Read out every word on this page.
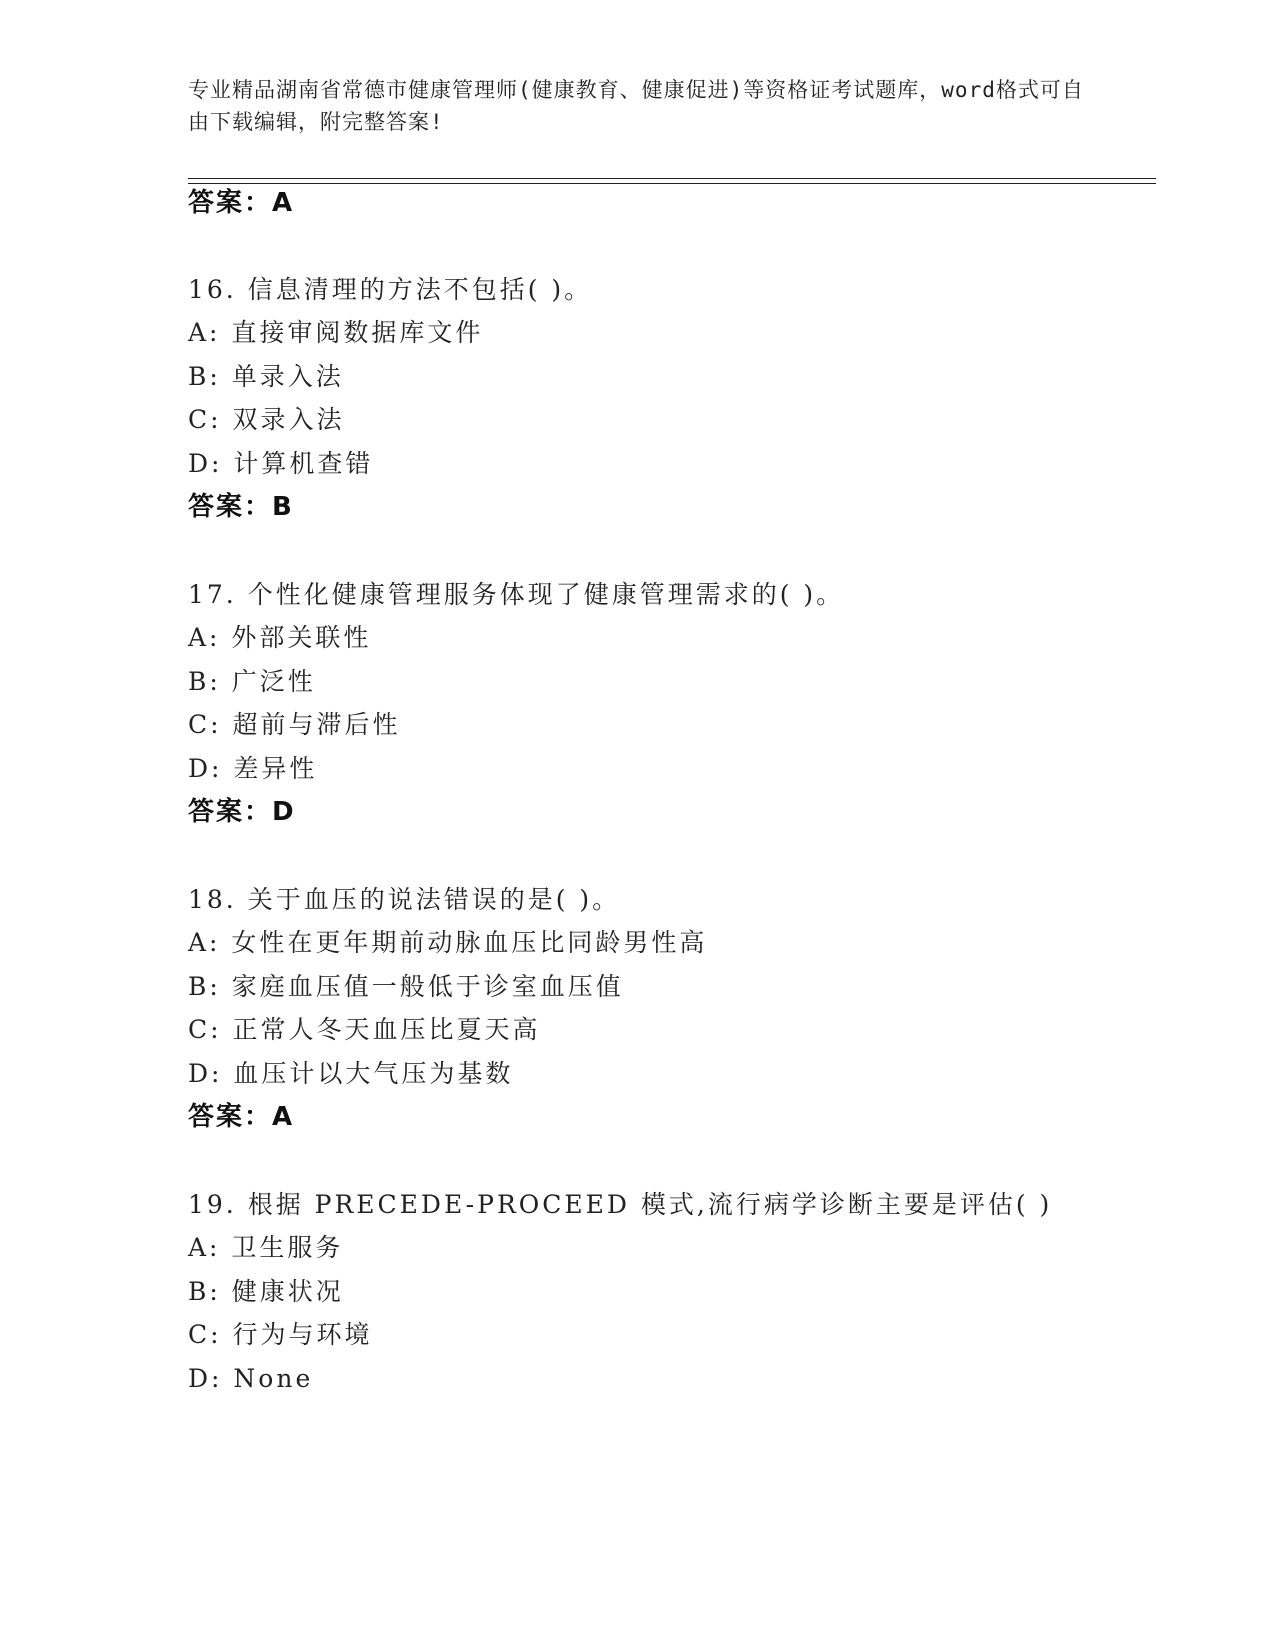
专业精品湖南省常德市健康管理师(健康教育、健康促进)等资格证考试题库，word格式可自由下载编辑，附完整答案!
答案：A
16. 信息清理的方法不包括( )。
A: 直接审阅数据库文件
B: 单录入法
C: 双录入法
D: 计算机查错
答案：B
17. 个性化健康管理服务体现了健康管理需求的( )。
A: 外部关联性
B: 广泛性
C: 超前与滞后性
D: 差异性
答案：D
18. 关于血压的说法错误的是( )。
A: 女性在更年期前动脉血压比同龄男性高
B: 家庭血压值一般低于诊室血压值
C: 正常人冬天血压比夏天高
D: 血压计以大气压为基数
答案：A
19. 根据 PRECEDE-PROCEED 模式,流行病学诊断主要是评估( )
A: 卫生服务
B: 健康状况
C: 行为与环境
D: None
